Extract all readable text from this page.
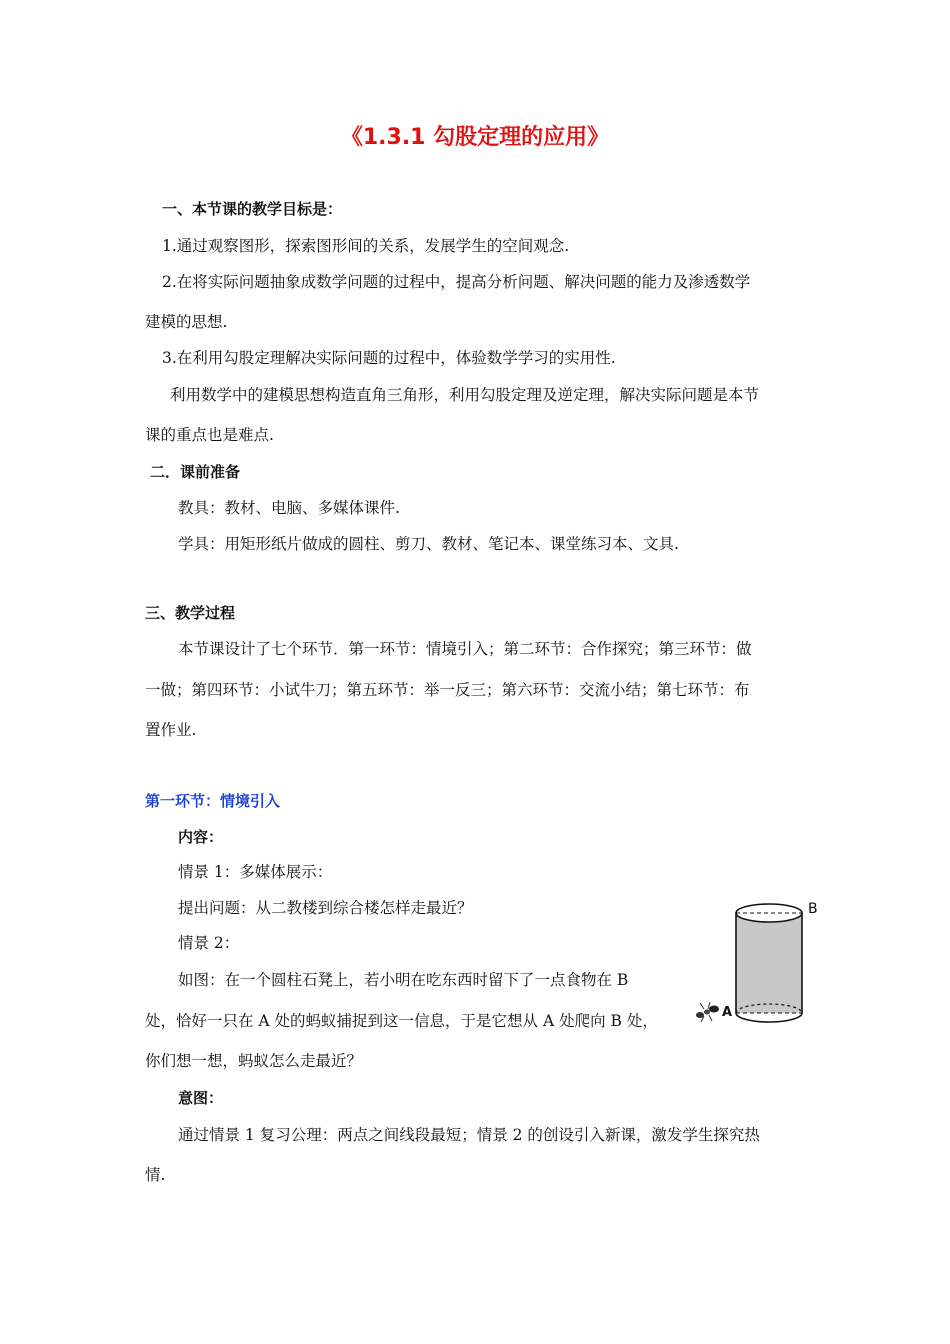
《1.3.1 勾股定理的应用》
一、本节课的教学目标是：
1.通过观察图形，探索图形间的关系，发展学生的空间观念.
2.在将实际问题抽象成数学问题的过程中，提高分析问题、解决问题的能力及渗透数学
建模的思想.
3.在利用勾股定理解决实际问题的过程中，体验数学学习的实用性.
利用数学中的建模思想构造直角三角形，利用勾股定理及逆定理，解决实际问题是本节
课的重点也是难点.
二．课前准备
教具：教材、电脑、多媒体课件.
学具：用矩形纸片做成的圆柱、剪刀、教材、笔记本、课堂练习本、文具.
三、教学过程
本节课设计了七个环节．第一环节：情境引入；第二环节：合作探究；第三环节：做
一做；第四环节：小试牛刀；第五环节：举一反三；第六环节：交流小结；第七环节：布
置作业.
第一环节：情境引入
内容：
情景 1：多媒体展示：
提出问题：从二教楼到综合楼怎样走最近？
情景 2：
如图：在一个圆柱石凳上，若小明在吃东西时留下了一点食物在 B
处，恰好一只在 A 处的蚂蚁捕捉到这一信息，于是它想从 A 处爬向 B 处，
你们想一想，蚂蚁怎么走最近？
意图：
通过情景 1 复习公理：两点之间线段最短；情景 2 的创设引入新课，激发学生探究热
情.
B
A
